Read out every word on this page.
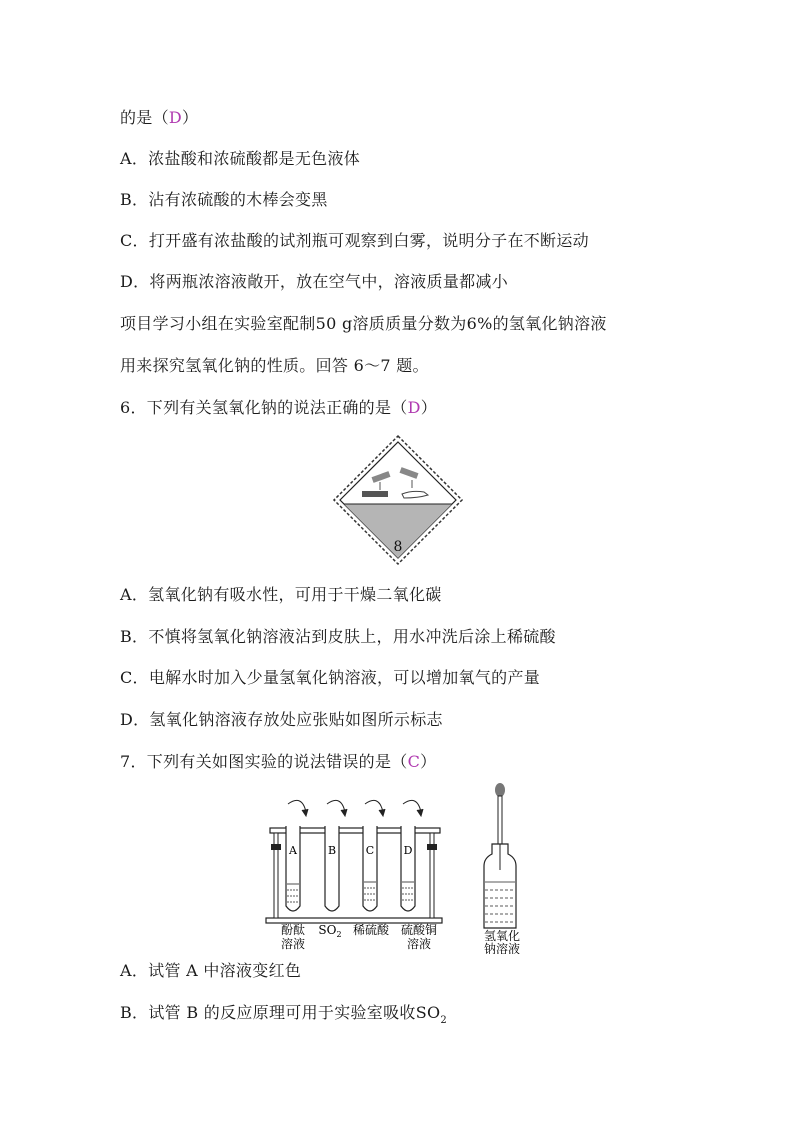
的是（D）
A．浓盐酸和浓硫酸都是无色液体
B．沾有浓硫酸的木棒会变黑
C．打开盛有浓盐酸的试剂瓶可观察到白雾，说明分子在不断运动
D．将两瓶浓溶液敞开，放在空气中，溶液质量都减小
项目学习小组在实验室配制50 g溶质质量分数为6%的氢氧化钠溶液
用来探究氢氧化钠的性质。回答 6～7 题。
6．下列有关氢氧化钠的说法正确的是（D）
8
A．氢氧化钠有吸水性，可用于干燥二氧化碳
B．不慎将氢氧化钠溶液沾到皮肤上，用水冲洗后涂上稀硫酸
C．电解水时加入少量氢氧化钠溶液，可以增加氧气的产量
D．氢氧化钠溶液存放处应张贴如图所示标志
7．下列有关如图实验的说法错误的是（C）
A	B	C	D
酚酞
溶液
$SO_2$ 稀硫酸 硫酸铜
溶液
氢氧化
钠溶液
A．试管 A 中溶液变红色
B．试管 B 的反应原理可用于实验室吸收$SO_2$
